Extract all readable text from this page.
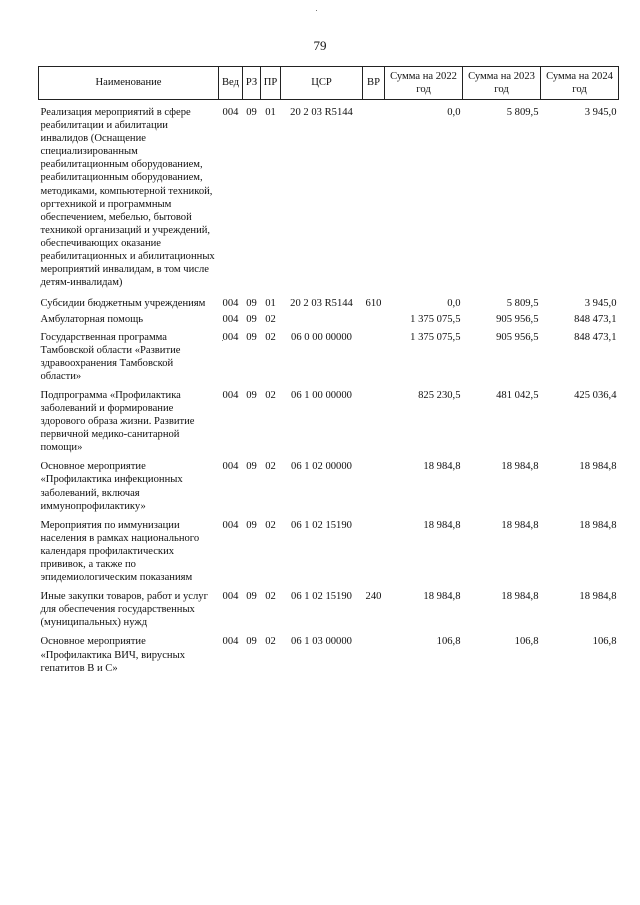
79
Наименование	Вед	РЗ	ПР	ЦСР	ВР	Сумма на 2022 год	Сумма на 2023 год	Сумма на 2024 год

Реализация мероприятий в сфере реабилитации и абилитации инвалидов (Оснащение специализированным реабилитационным оборудованием, реабилитационным оборудованием, методиками, компьютерной техникой, оргтехникой и программным обеспечением, мебелью, бытовой техникой организаций и учреждений, обеспечивающих оказание реабилитационных и абилитационных мероприятий инвалидам, в том числе детям-инвалидам)	004	09	01	20 2 03 R5144		0,0	5 809,5	3 945,0

Субсидии бюджетным учреждениям	004	09	01	20 2 03 R5144	610	0,0	5 809,5	3 945,0

Амбулаторная помощь	004	09	02			1 375 075,5	905 956,5	848 473,1

Государственная программа Тамбовской области «Развитие здравоохранения Тамбовской области»	004	09	02	06 0 00 00000		1 375 075,5	905 956,5	848 473,1

Подпрограмма «Профилактика заболеваний и формирование здорового образа жизни. Развитие первичной медико-санитарной помощи»	004	09	02	06 1 00 00000		825 230,5	481 042,5	425 036,4

Основное мероприятие «Профилактика инфекционных заболеваний, включая иммунопрофилактику»	004	09	02	06 1 02 00000		18 984,8	18 984,8	18 984,8

Мероприятия по иммунизации населения в рамках национального календаря профилактических прививок, а также по эпидемиологическим показаниям	004	09	02	06 1 02 15190		18 984,8	18 984,8	18 984,8

Иные закупки товаров, работ и услуг для обеспечения государственных (муниципальных) нужд	004	09	02	06 1 02 15190	240	18 984,8	18 984,8	18 984,8

Основное мероприятие «Профилактика ВИЧ, вирусных гепатитов В и С»	004	09	02	06 1 03 00000		106,8	106,8	106,8
